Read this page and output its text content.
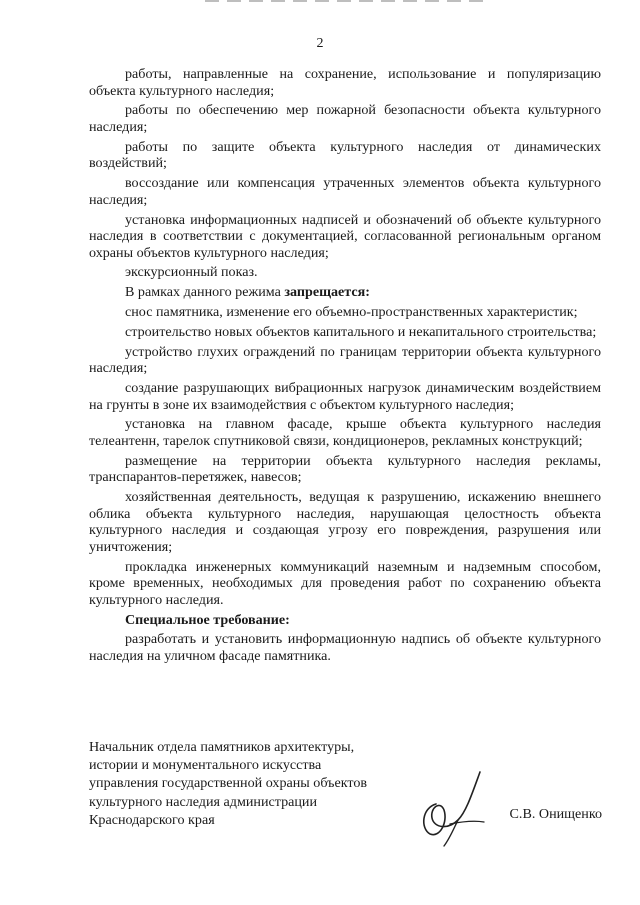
2

работы, направленные на сохранение, использование и популяризацию объекта культурного наследия;

работы по обеспечению мер пожарной безопасности объекта культурного наследия;

работы по защите объекта культурного наследия от динамических воздействий;

воссоздание или компенсация утраченных элементов объекта культурного наследия;

установка информационных надписей и обозначений об объекте культурного наследия в соответствии с документацией, согласованной региональным органом охраны объектов культурного наследия;

экскурсионный показ.

В рамках данного режима запрещается:

снос памятника, изменение его объемно-пространственных характеристик;

строительство новых объектов капитального и некапитального строительства;

устройство глухих ограждений по границам территории объекта культурного наследия;

создание разрушающих вибрационных нагрузок динамическим воздействием на грунты в зоне их взаимодействия с объектом культурного наследия;

установка на главном фасаде, крыше объекта культурного наследия телеантенн, тарелок спутниковой связи, кондиционеров, рекламных конструкций;

размещение на территории объекта культурного наследия рекламы, транспарантов-перетяжек, навесов;

хозяйственная деятельность, ведущая к разрушению, искажению внешнего облика объекта культурного наследия, нарушающая целостность объекта культурного наследия и создающая угрозу его повреждения, разрушения или уничтожения;

прокладка инженерных коммуникаций наземным и надземным способом, кроме временных, необходимых для проведения работ по сохранению объекта культурного наследия.

Специальное требование:

разработать и установить информационную надпись об объекте культурного наследия на уличном фасаде памятника.

Начальник отдела памятников архитектуры,
истории и монументального искусства
управления государственной охраны объектов
культурного наследия администрации
Краснодарского края	С.В. Онищенко
